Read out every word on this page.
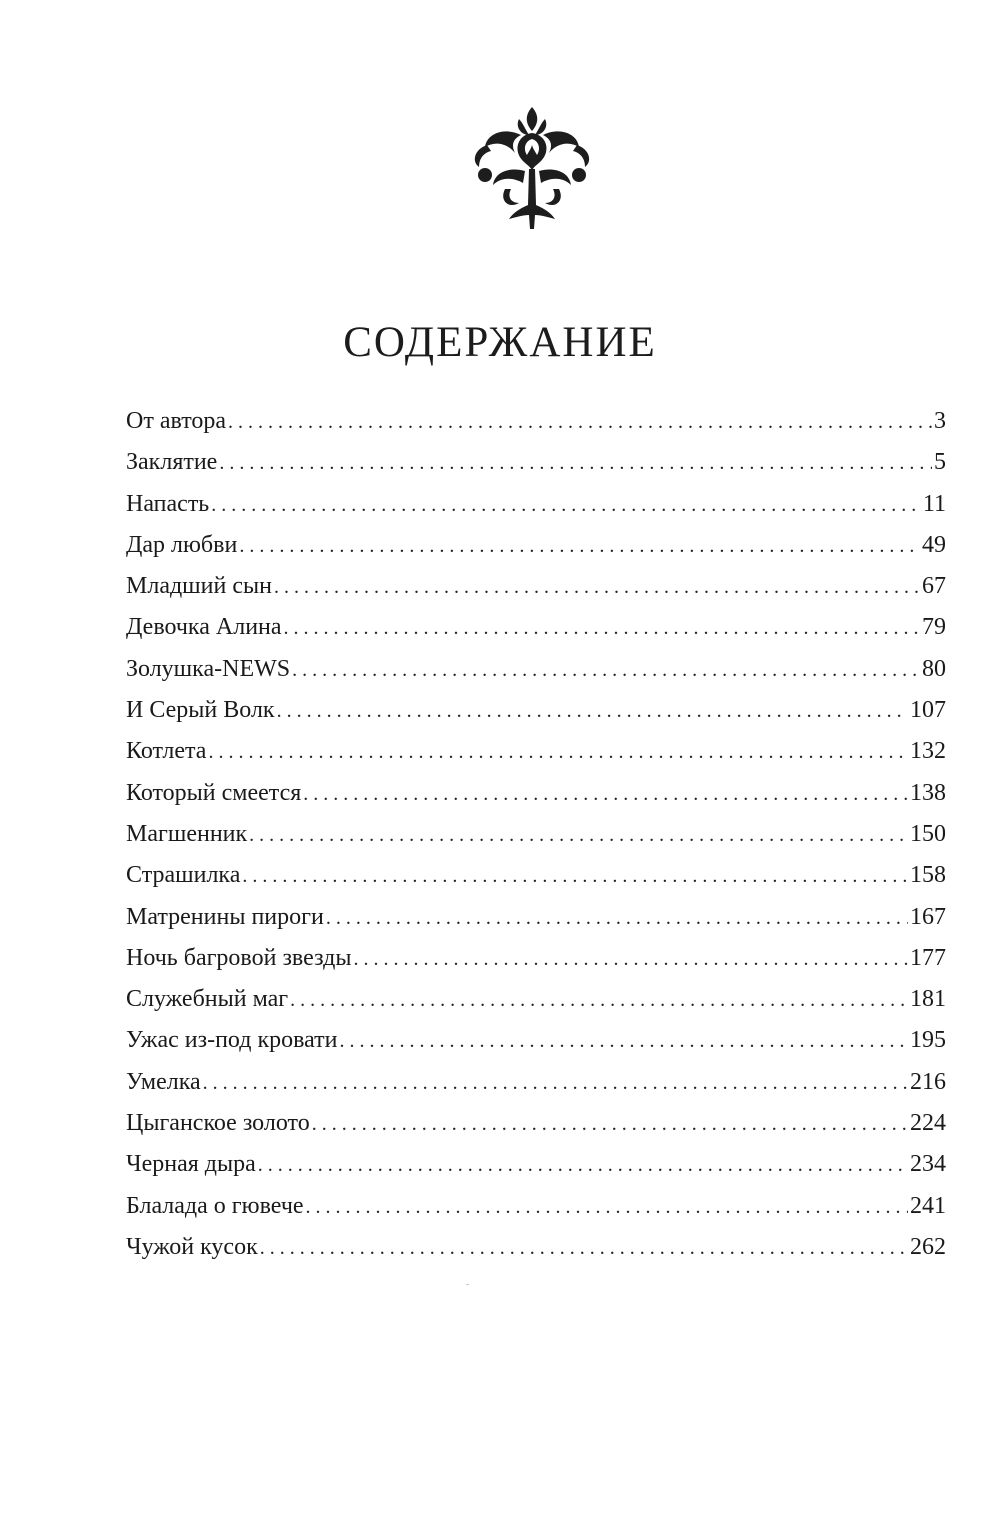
СОДЕРЖАНИЕ
От автора . . .	3
Заклятие . . .	5
Напасть . . .	11
Дар любви . . .	49
Младший сын . . .	67
Девочка Алина . . .	79
Золушка-NEWS . . .	80
И Серый Волк . . .	107
Котлета . . .	132
Который смеется . . .	138
Магшенник . . .	150
Страшилка . . .	158
Матренины пироги . . .	167
Ночь багровой звезды . . .	177
Служебный маг . . .	181
Ужас из-под кровати . . .	195
Умелка . . .	216
Цыганское золото . . .	224
Черная дыра . . .	234
Блалада о гювече . . .	241
Чужой кусок . . .	262
